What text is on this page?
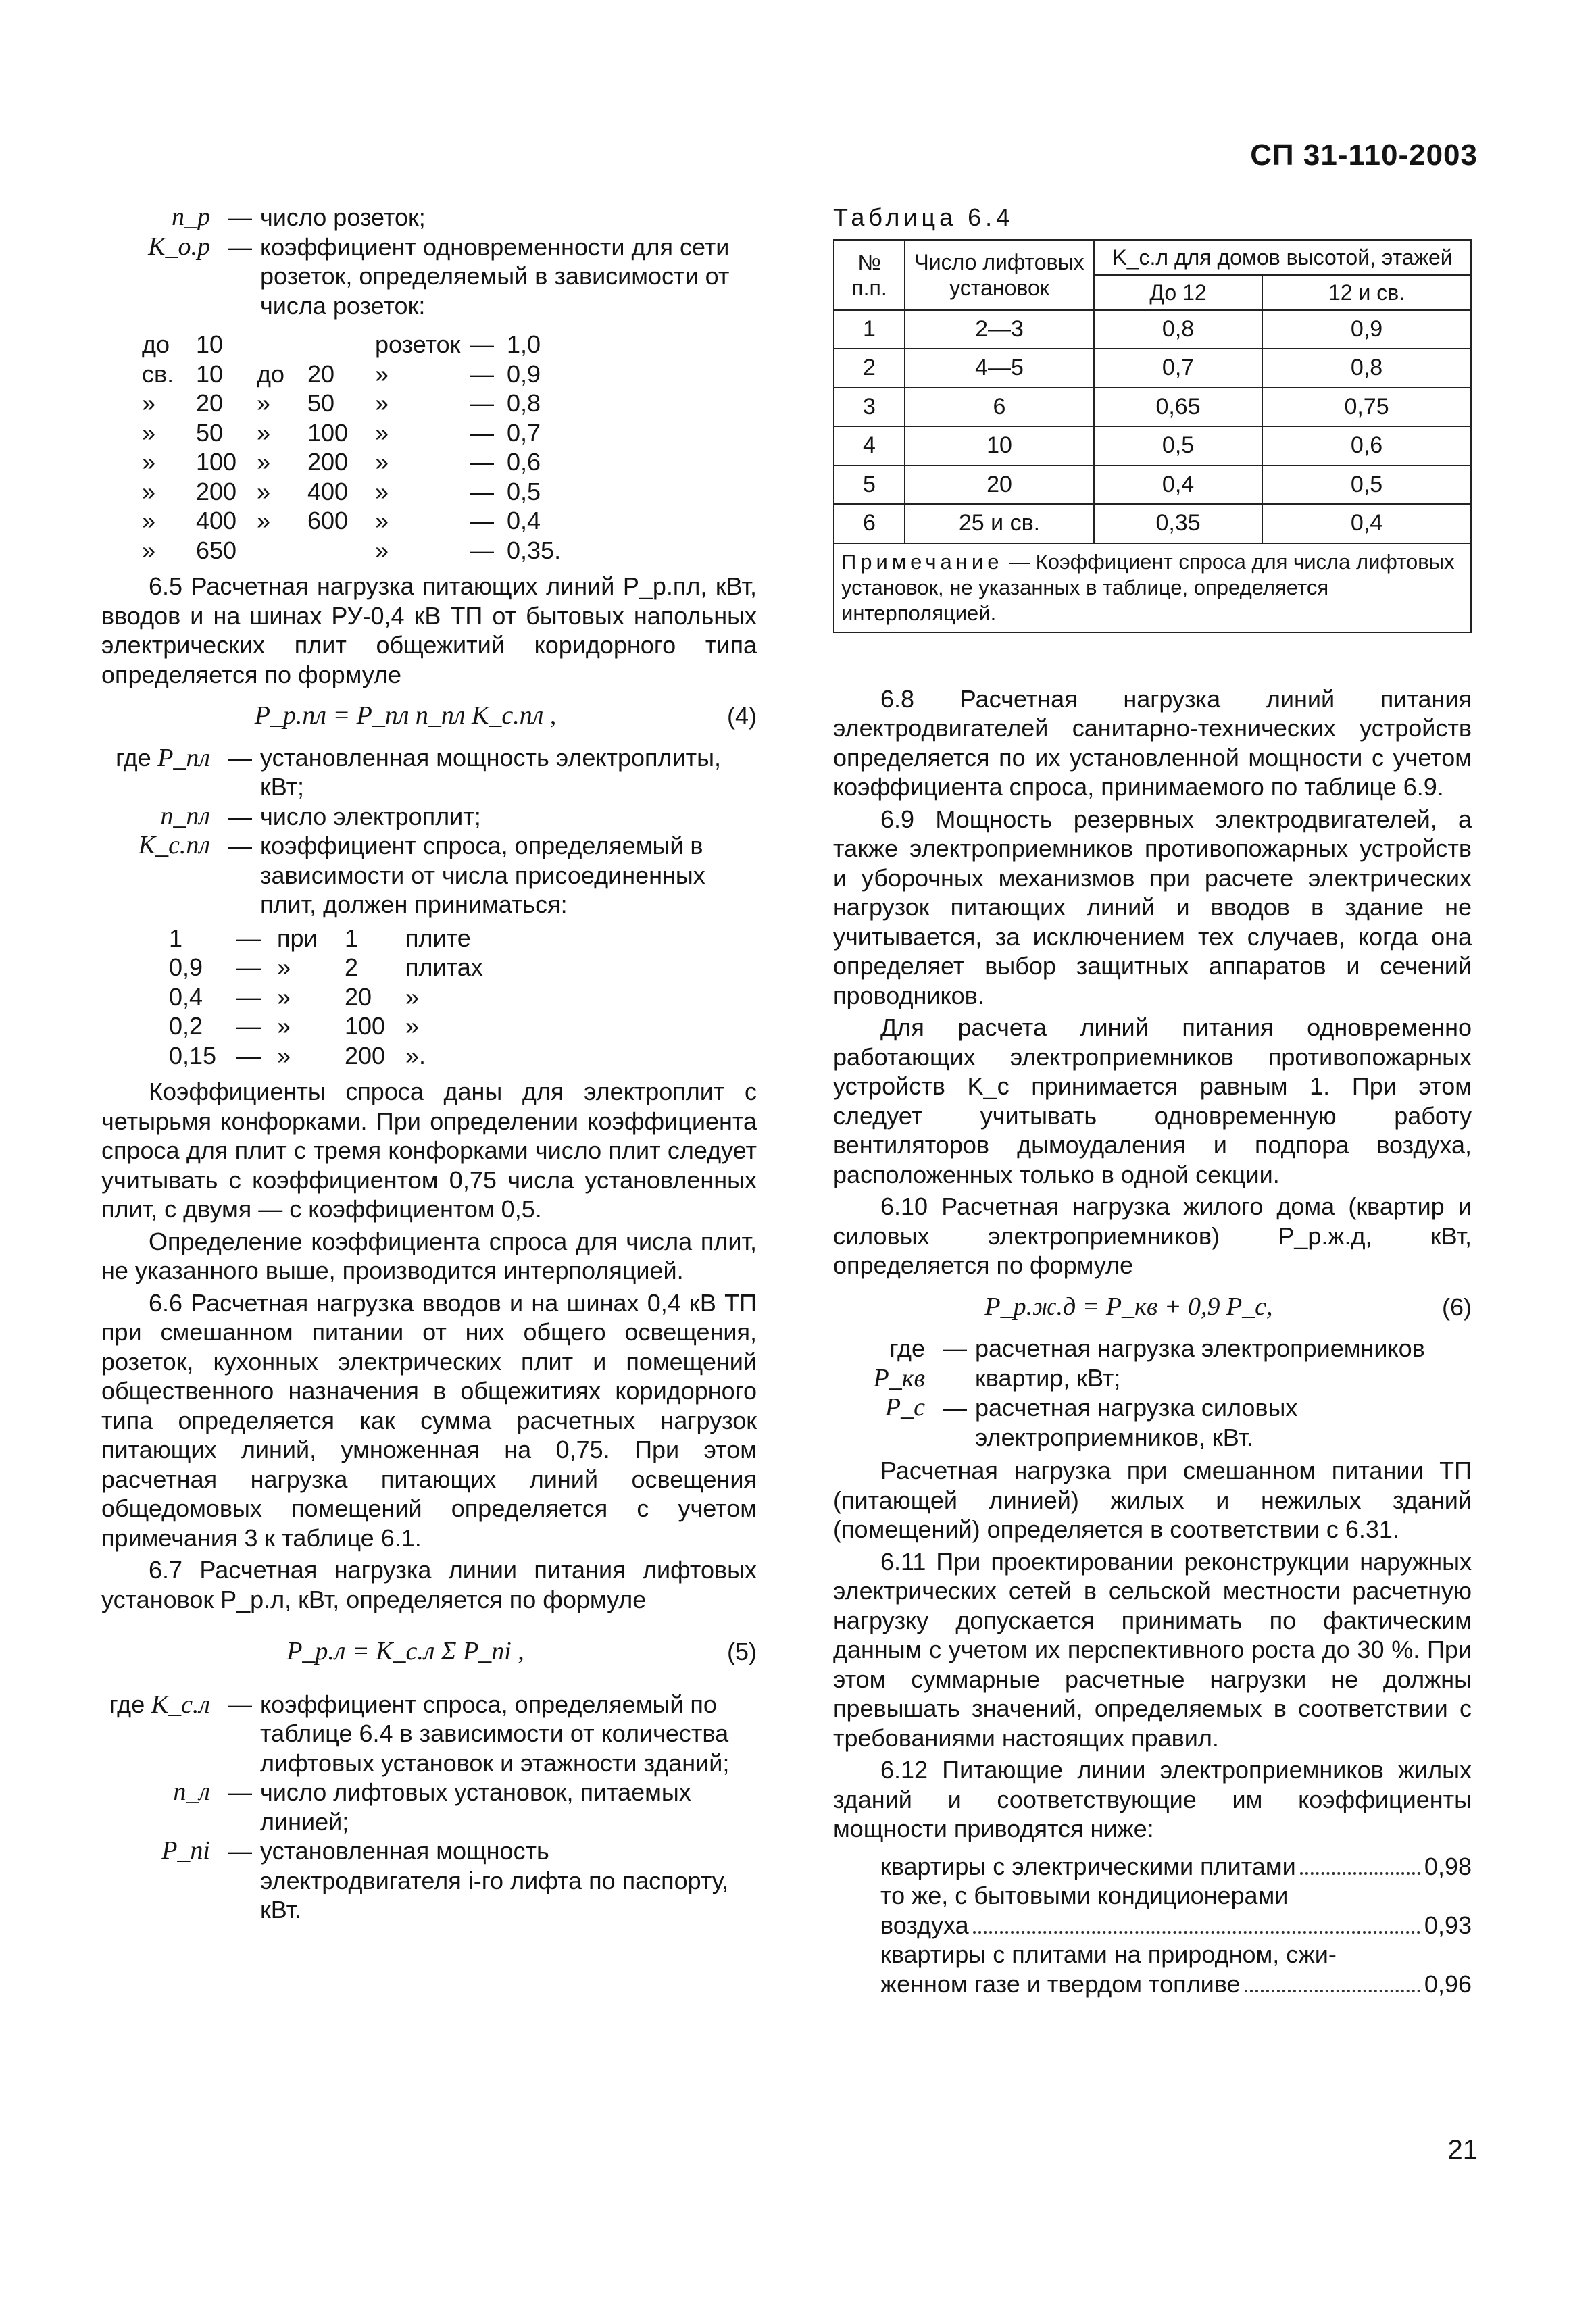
СП 31-110-2003
n_р — число розеток;
K_о.р — коэффициент одновременности для сети розеток, определяемый в зависимости от числа розеток:
до	10	розеток — 1,0
св. 10	до 20	»	— 0,9
»	20	»	50	»	— 0,8
»	50	»	100	»	— 0,7
»	100 »	200	»	— 0,6
»	200 »	400	»	— 0,5
»	400 »	600	»	— 0,4
»	650	»	— 0,35.

6.5 Расчетная нагрузка питающих линий P_р.пл, кВт, вводов и на шинах РУ-0,4 кВ ТП от бытовых напольных электрических плит общежитий коридорного типа определяется по формуле

P_р.пл = P_пл n_пл K_с.пл ,	(4)
где P_пл — установленная мощность электроплиты, кВт;
n_пл — число электроплит;
K_с.пл — коэффициент спроса, определяемый в зависимости от числа присоединенных плит, должен приниматься:
1	— при	1	плите
0,9	— »	2	плитах
0,4	— »	20	»
0,2	— »	100 »
0,15 — »	200 ».

Коэффициенты спроса даны для электроплит с четырьмя конфорками. При определении коэффициента спроса для плит с тремя конфорками число плит следует учитывать с коэффициентом 0,75 числа установленных плит, с двумя — с коэффициентом 0,5.

Определение коэффициента спроса для числа плит, не указанного выше, производится интерполяцией.

6.6 Расчетная нагрузка вводов и на шинах 0,4 кВ ТП при смешанном питании от них общего освещения, розеток, кухонных электрических плит и помещений общественного назначения в общежитиях коридорного типа определяется как сумма расчетных нагрузок питающих линий, умноженная на 0,75. При этом расчетная нагрузка питающих линий освещения общедомовых помещений определяется с учетом примечания 3 к таблице 6.1.

6.7 Расчетная нагрузка линии питания лифтовых установок P_р.л, кВт, определяется по формуле

P_р.л = K_с.л Σ P_ni ,	(5)
где K_с.л — коэффициент спроса, определяемый по таблице 6.4 в зависимости от количества лифтовых установок и этажности зданий;
n_л — число лифтовых установок, питаемых линией;
P_ni — установленная мощность электродвигателя i-го лифта по паспорту, кВт.
Таблица 6.4
№ п.п.	Число лифтовых установок	K_с.л для домов высотой, этажей	
		До 12	12 и св.
1	2—3	0,8	0,9
2	4—5	0,7	0,8
3	6	0,65	0,75
4	10	0,5	0,6
5	20	0,4	0,5
6	25 и св.	0,35	0,4
Примечание — Коэффициент спроса для числа лифтовых установок, не указанных в таблице, определяется интерполяцией.			

6.8 Расчетная нагрузка линий питания электродвигателей санитарно-технических устройств определяется по их установленной мощности с учетом коэффициента спроса, принимаемого по таблице 6.9.

6.9 Мощность резервных электродвигателей, а также электроприемников противопожарных устройств и уборочных механизмов при расчете электрических нагрузок питающих линий и вводов в здание не учитывается, за исключением тех случаев, когда она определяет выбор защитных аппаратов и сечений проводников.

Для расчета линий питания одновременно работающих электроприемников противопожарных устройств K_с принимается равным 1. При этом следует учитывать одновременную работу вентиляторов дымоудаления и подпора воздуха, расположенных только в одной секции.

6.10 Расчетная нагрузка жилого дома (квартир и силовых электроприемников) P_р.ж.д, кВт, определяется по формуле

P_р.ж.д = P_кв + 0,9 P_с,	(6)
где P_кв
— расчетная нагрузка электроприемников квартир, кВт;
P_с — расчетная нагрузка силовых электроприемников, кВт.

Расчетная нагрузка при смешанном питании ТП (питающей линией) жилых и нежилых зданий (помещений) определяется в соответствии с 6.31.

6.11 При проектировании реконструкции наружных электрических сетей в сельской местности расчетную нагрузку допускается принимать по фактическим данным с учетом их перспективного роста до 30 %. При этом суммарные расчетные нагрузки не должны превышать значений, определяемых в соответствии с требованиями настоящих правил.

6.12 Питающие линии электроприемников жилых зданий и соответствующие им коэффициенты мощности приводятся ниже:

квартиры с электрическими плитами	0,98
то же, с бытовыми кондиционерами
воздуха	0,93
квартиры с плитами на природном, сжи-
женном газе и твердом топливе	0,96
21
